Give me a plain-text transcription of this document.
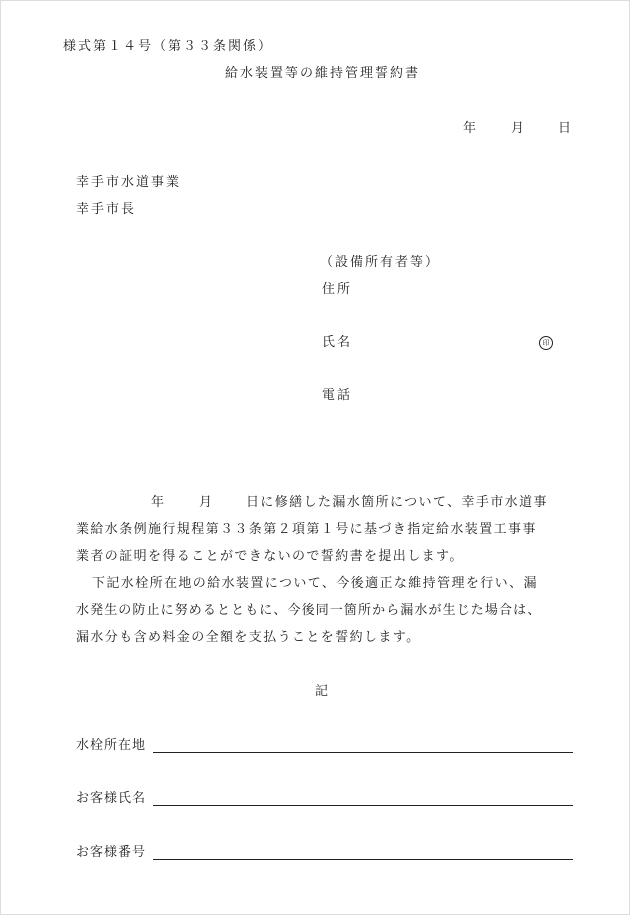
様式第１４号（第３３条関係）
給水装置等の維持管理誓約書
年	月	日
幸手市水道事業
幸手市長
（設備所有者等）
住所
氏名	印
電話
年	月	日に修繕した漏水箇所について、幸手市水道事
業給水条例施行規程第３３条第２項第１号に基づき指定給水装置工事事
業者の証明を得ることができないので誓約書を提出します。
下記水栓所在地の給水装置について、今後適正な維持管理を行い、漏
水発生の防止に努めるとともに、今後同一箇所から漏水が生じた場合は、
漏水分も含め料金の全額を支払うことを誓約します。
記
水栓所在地
お客様氏名
お客様番号
